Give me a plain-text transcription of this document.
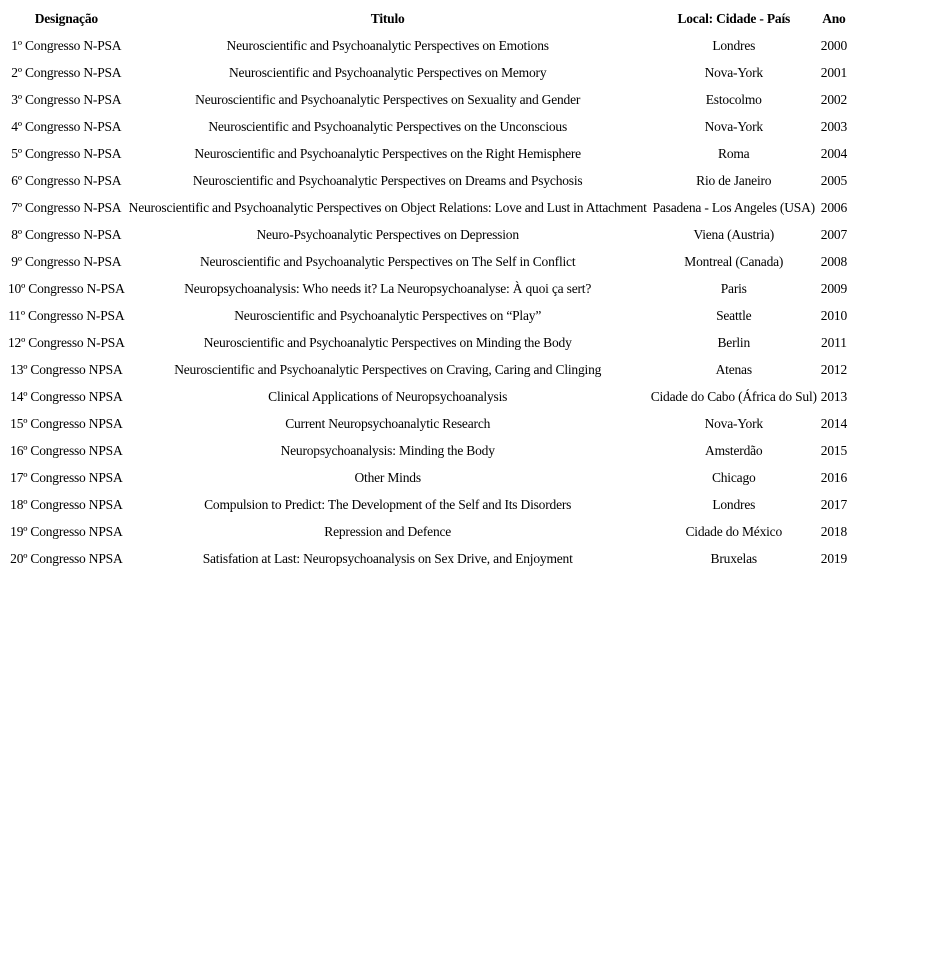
Designação	Titulo	Local: Cidade - País	Ano
1º Congresso N-PSA	Neuroscientific and Psychoanalytic Perspectives on Emotions	Londres	2000
2º Congresso N-PSA	Neuroscientific and Psychoanalytic Perspectives on Memory	Nova-York	2001
3º Congresso N-PSA	Neuroscientific and Psychoanalytic Perspectives on Sexuality and Gender	Estocolmo	2002
4º Congresso N-PSA	Neuroscientific and Psychoanalytic Perspectives on the Unconscious	Nova-York	2003
5º Congresso N-PSA	Neuroscientific and Psychoanalytic Perspectives on the Right Hemisphere	Roma	2004
6º Congresso N-PSA	Neuroscientific and Psychoanalytic Perspectives on Dreams and Psychosis	Rio de Janeiro	2005
7º Congresso N-PSA	Neuroscientific and Psychoanalytic Perspectives on Object Relations: Love and Lust in Attachment	Pasadena - Los Angeles (USA)	2006
8º Congresso N-PSA	Neuro-Psychoanalytic Perspectives on Depression	Viena (Austria)	2007
9º Congresso N-PSA	Neuroscientific and Psychoanalytic Perspectives on The Self in Conflict	Montreal (Canada)	2008
10º Congresso N-PSA	Neuropsychoanalysis: Who needs it? La Neuropsychoanalyse: À quoi ça sert?	Paris	2009
11º Congresso N-PSA	Neuroscientific and Psychoanalytic Perspectives on “Play”	Seattle	2010
12º Congresso N-PSA	Neuroscientific and Psychoanalytic Perspectives on Minding the Body	Berlin	2011
13º Congresso NPSA	Neuroscientific and Psychoanalytic Perspectives on Craving, Caring and Clinging	Atenas	2012
14º Congresso NPSA	Clinical Applications of Neuropsychoanalysis	Cidade do Cabo (África do Sul)	2013
15º Congresso NPSA	Current Neuropsychoanalytic Research	Nova-York	2014
16º Congresso NPSA	Neuropsychoanalysis: Minding the Body	Amsterdão	2015
17º Congresso NPSA	Other Minds	Chicago	2016
18º Congresso NPSA	Compulsion to Predict: The Development of the Self and Its Disorders	Londres	2017
19º Congresso NPSA	Repression and Defence	Cidade do México	2018
20º Congresso NPSA	Satisfation at Last: Neuropsychoanalysis on Sex Drive, and Enjoyment	Bruxelas	2019
